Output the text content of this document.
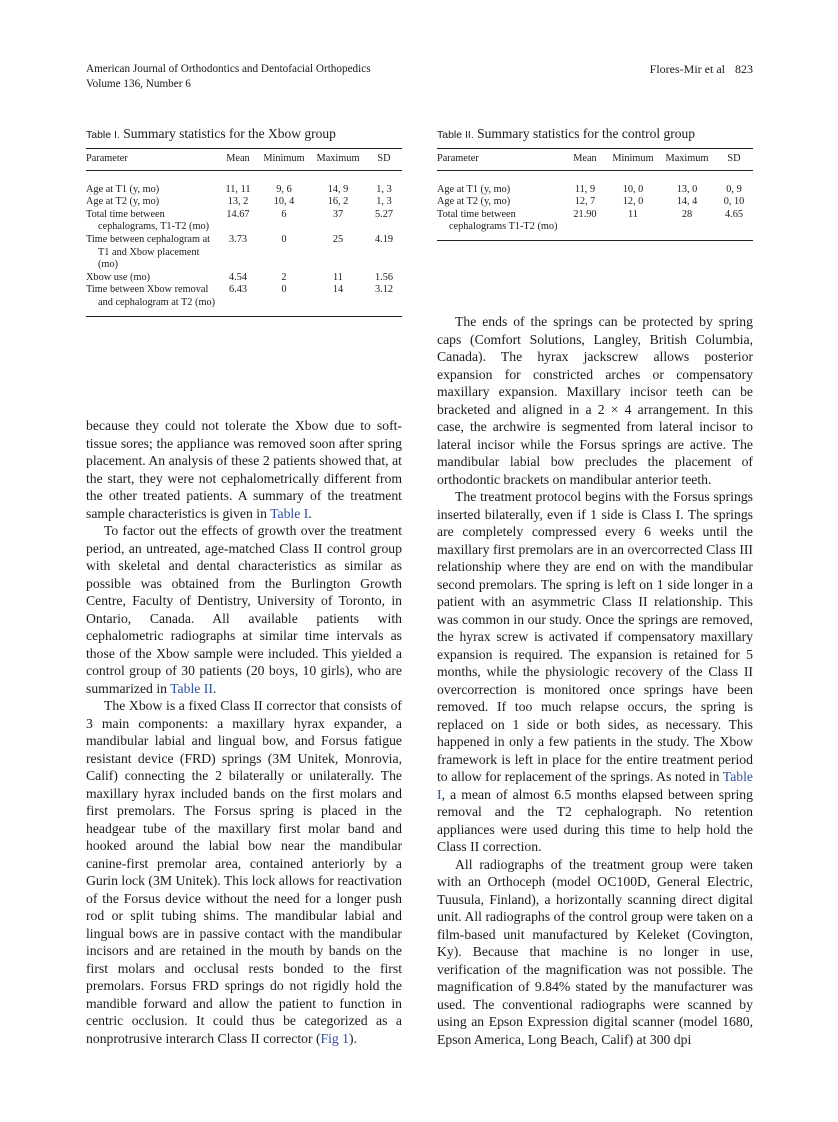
American Journal of Orthodontics and Dentofacial Orthopedics
Volume 136, Number 6
Flores-Mir et al 823
Table I. Summary statistics for the Xbow group
Parameter	Mean	Minimum	Maximum	SD
Age at T1 (y, mo)	11, 11	9, 6	14, 9	1, 3
Age at T2 (y, mo)	13, 2	10, 4	16, 2	1, 3
Total time between cephalograms, T1-T2 (mo)	14.67	6	37	5.27
Time between cephalogram at T1 and Xbow placement (mo)	3.73	0	25	4.19
Xbow use (mo)	4.54	2	11	1.56
Time between Xbow removal and cephalogram at T2 (mo)	6.43	0	14	3.12

because they could not tolerate the Xbow due to soft-tissue sores; the appliance was removed soon after spring placement. An analysis of these 2 patients showed that, at the start, they were not cephalometrically different from the other treated patients. A summary of the treatment sample characteristics is given in Table I.

To factor out the effects of growth over the treatment period, an untreated, age-matched Class II control group with skeletal and dental characteristics as similar as possible was obtained from the Burlington Growth Centre, Faculty of Dentistry, University of Toronto, in Ontario, Canada. All available patients with cephalometric radiographs at similar time intervals as those of the Xbow sample were included. This yielded a control group of 30 patients (20 boys, 10 girls), who are summarized in Table II.

The Xbow is a fixed Class II corrector that consists of 3 main components: a maxillary hyrax expander, a mandibular labial and lingual bow, and Forsus fatigue resistant device (FRD) springs (3M Unitek, Monrovia, Calif) connecting the 2 bilaterally or unilaterally. The maxillary hyrax included bands on the first molars and first premolars. The Forsus spring is placed in the headgear tube of the maxillary first molar band and hooked around the labial bow near the mandibular canine-first premolar area, contained anteriorly by a Gurin lock (3M Unitek). This lock allows for reactivation of the Forsus device without the need for a longer push rod or split tubing shims. The mandibular labial and lingual bows are in passive contact with the mandibular incisors and are retained in the mouth by bands on the first molars and occlusal rests bonded to the first premolars. Forsus FRD springs do not rigidly hold the mandible forward and allow the patient to function in centric occlusion. It could thus be categorized as a nonprotrusive interarch Class II corrector (Fig 1).

Table II. Summary statistics for the control group
Parameter	Mean	Minimum	Maximum	SD
Age at T1 (y, mo)	11, 9	10, 0	13, 0	0, 9
Age at T2 (y, mo)	12, 7	12, 0	14, 4	0, 10
Total time between cephalograms T1-T2 (mo)	21.90	11	28	4.65

The ends of the springs can be protected by spring caps (Comfort Solutions, Langley, British Columbia, Canada). The hyrax jackscrew allows posterior expansion for constricted arches or compensatory maxillary expansion. Maxillary incisor teeth can be bracketed and aligned in a 2 × 4 arrangement. In this case, the archwire is segmented from lateral incisor to lateral incisor while the Forsus springs are active. The mandibular labial bow precludes the placement of orthodontic brackets on mandibular anterior teeth.

The treatment protocol begins with the Forsus springs inserted bilaterally, even if 1 side is Class I. The springs are completely compressed every 6 weeks until the maxillary first premolars are in an overcorrected Class III relationship where they are end on with the mandibular second premolars. The spring is left on 1 side longer in a patient with an asymmetric Class II relationship. This was common in our study. Once the springs are removed, the hyrax screw is activated if compensatory maxillary expansion is required. The expansion is retained for 5 months, while the physiologic recovery of the Class II overcorrection is monitored once springs have been removed. If too much relapse occurs, the spring is replaced on 1 side or both sides, as necessary. This happened in only a few patients in the study. The Xbow framework is left in place for the entire treatment period to allow for replacement of the springs. As noted in Table I, a mean of almost 6.5 months elapsed between spring removal and the T2 cephalograph. No retention appliances were used during this time to help hold the Class II correction.

All radiographs of the treatment group were taken with an Orthoceph (model OC100D, General Electric, Tuusula, Finland), a horizontally scanning direct digital unit. All radiographs of the control group were taken on a film-based unit manufactured by Keleket (Covington, Ky). Because that machine is no longer in use, verification of the magnification was not possible. The magnification of 9.84% stated by the manufacturer was used. The conventional radiographs were scanned by using an Epson Expression digital scanner (model 1680, Epson America, Long Beach, Calif) at 300 dpi
